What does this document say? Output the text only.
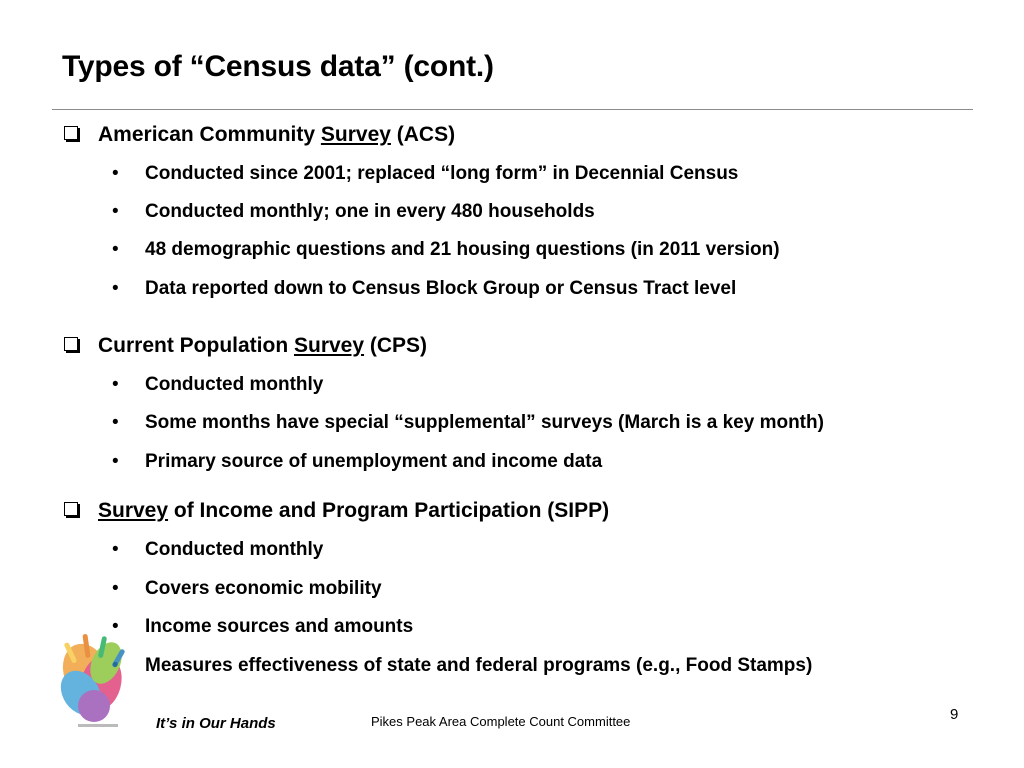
Types of “Census data” (cont.)

American Community Survey (ACS)

• Conducted since 2001; replaced “long form” in Decennial Census

• Conducted monthly; one in every 480 households

• 48 demographic questions and 21 housing questions (in 2011 version)

• Data reported down to Census Block Group or Census Tract level

Current Population Survey (CPS)

• Conducted monthly

• Some months have special “supplemental” surveys (March is a key month)

• Primary source of unemployment and income data

Survey of Income and Program Participation (SIPP)

• Conducted monthly

• Covers economic mobility

• Income sources and amounts

Measures effectiveness of state and federal programs (e.g., Food Stamps)

It’s in Our Hands	Pikes Peak Area Complete Count Committee	9
